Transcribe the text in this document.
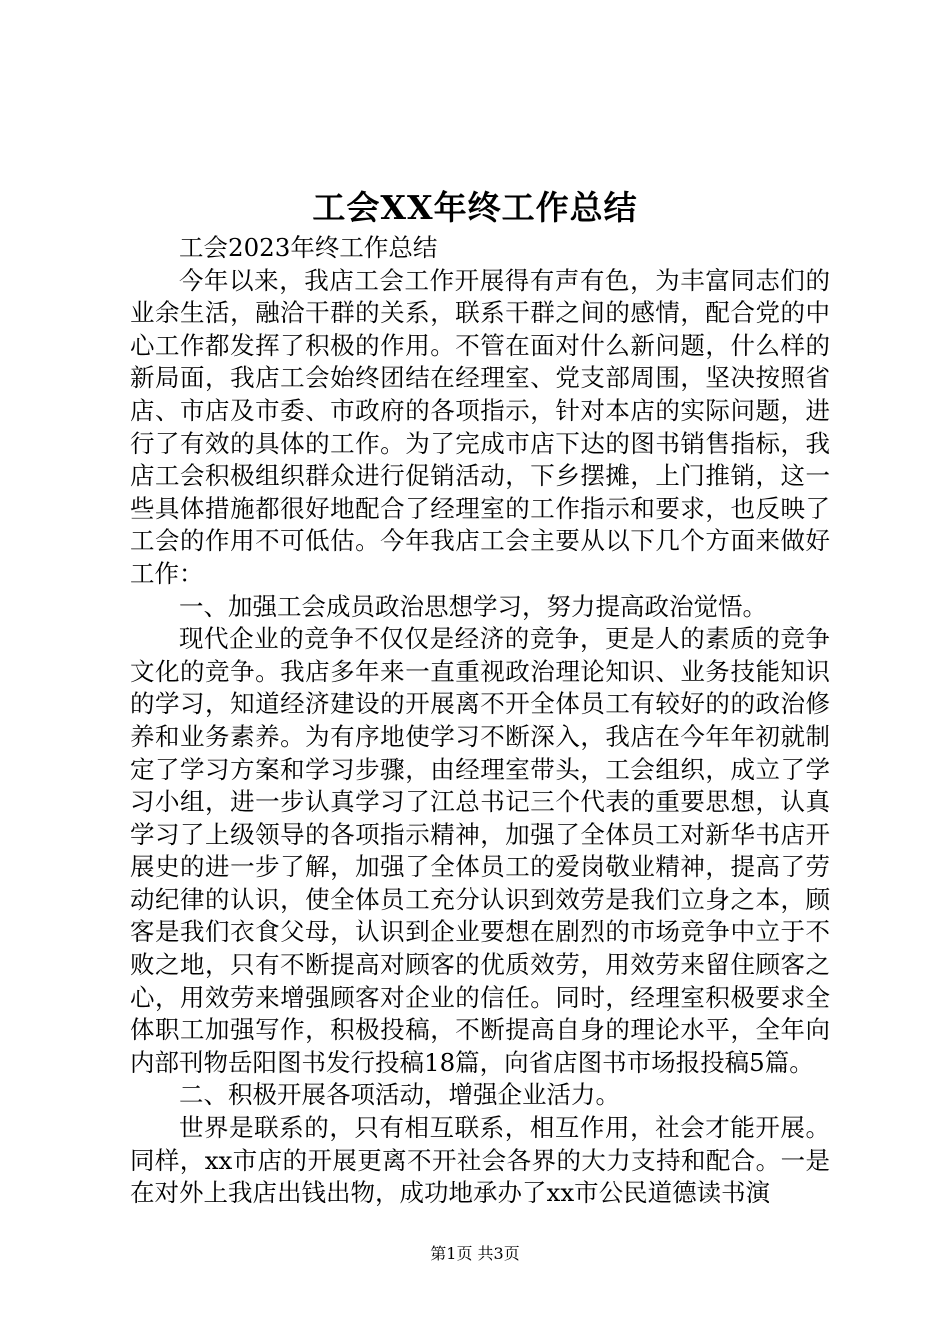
工会XX年终工作总结

工会2023年终工作总结

今年以来，我店工会工作开展得有声有色，为丰富同志们的业余生活，融洽干群的关系，联系干群之间的感情，配合党的中心工作都发挥了积极的作用。不管在面对什么新问题，什么样的新局面，我店工会始终团结在经理室、党支部周围，坚决按照省店、市店及市委、市政府的各项指示，针对本店的实际问题，进行了有效的具体的工作。为了完成市店下达的图书销售指标，我店工会积极组织群众进行促销活动，下乡摆摊，上门推销，这一些具体措施都很好地配合了经理室的工作指示和要求，也反映了工会的作用不可低估。今年我店工会主要从以下几个方面来做好工作：

一、加强工会成员政治思想学习，努力提高政治觉悟。

现代企业的竞争不仅仅是经济的竞争，更是人的素质的竞争文化的竞争。我店多年来一直重视政治理论知识、业务技能知识的学习，知道经济建设的开展离不开全体员工有较好的的政治修养和业务素养。为有序地使学习不断深入，我店在今年年初就制定了学习方案和学习步骤，由经理室带头，工会组织，成立了学习小组，进一步认真学习了江总书记三个代表的重要思想，认真学习了上级领导的各项指示精神，加强了全体员工对新华书店开展史的进一步了解，加强了全体员工的爱岗敬业精神，提高了劳动纪律的认识，使全体员工充分认识到效劳是我们立身之本，顾客是我们衣食父母，认识到企业要想在剧烈的市场竞争中立于不败之地，只有不断提高对顾客的优质效劳，用效劳来留住顾客之心，用效劳来增强顾客对企业的信任。同时，经理室积极要求全体职工加强写作，积极投稿，不断提高自身的理论水平，全年向内部刊物岳阳图书发行投稿18篇，向省店图书市场报投稿5篇。

二、积极开展各项活动，增强企业活力。

世界是联系的，只有相互联系，相互作用，社会才能开展。同样，xx市店的开展更离不开社会各界的大力支持和配合。一是在对外上我店出钱出物，成功地承办了xx市公民道德读书演

第1页 共3页
